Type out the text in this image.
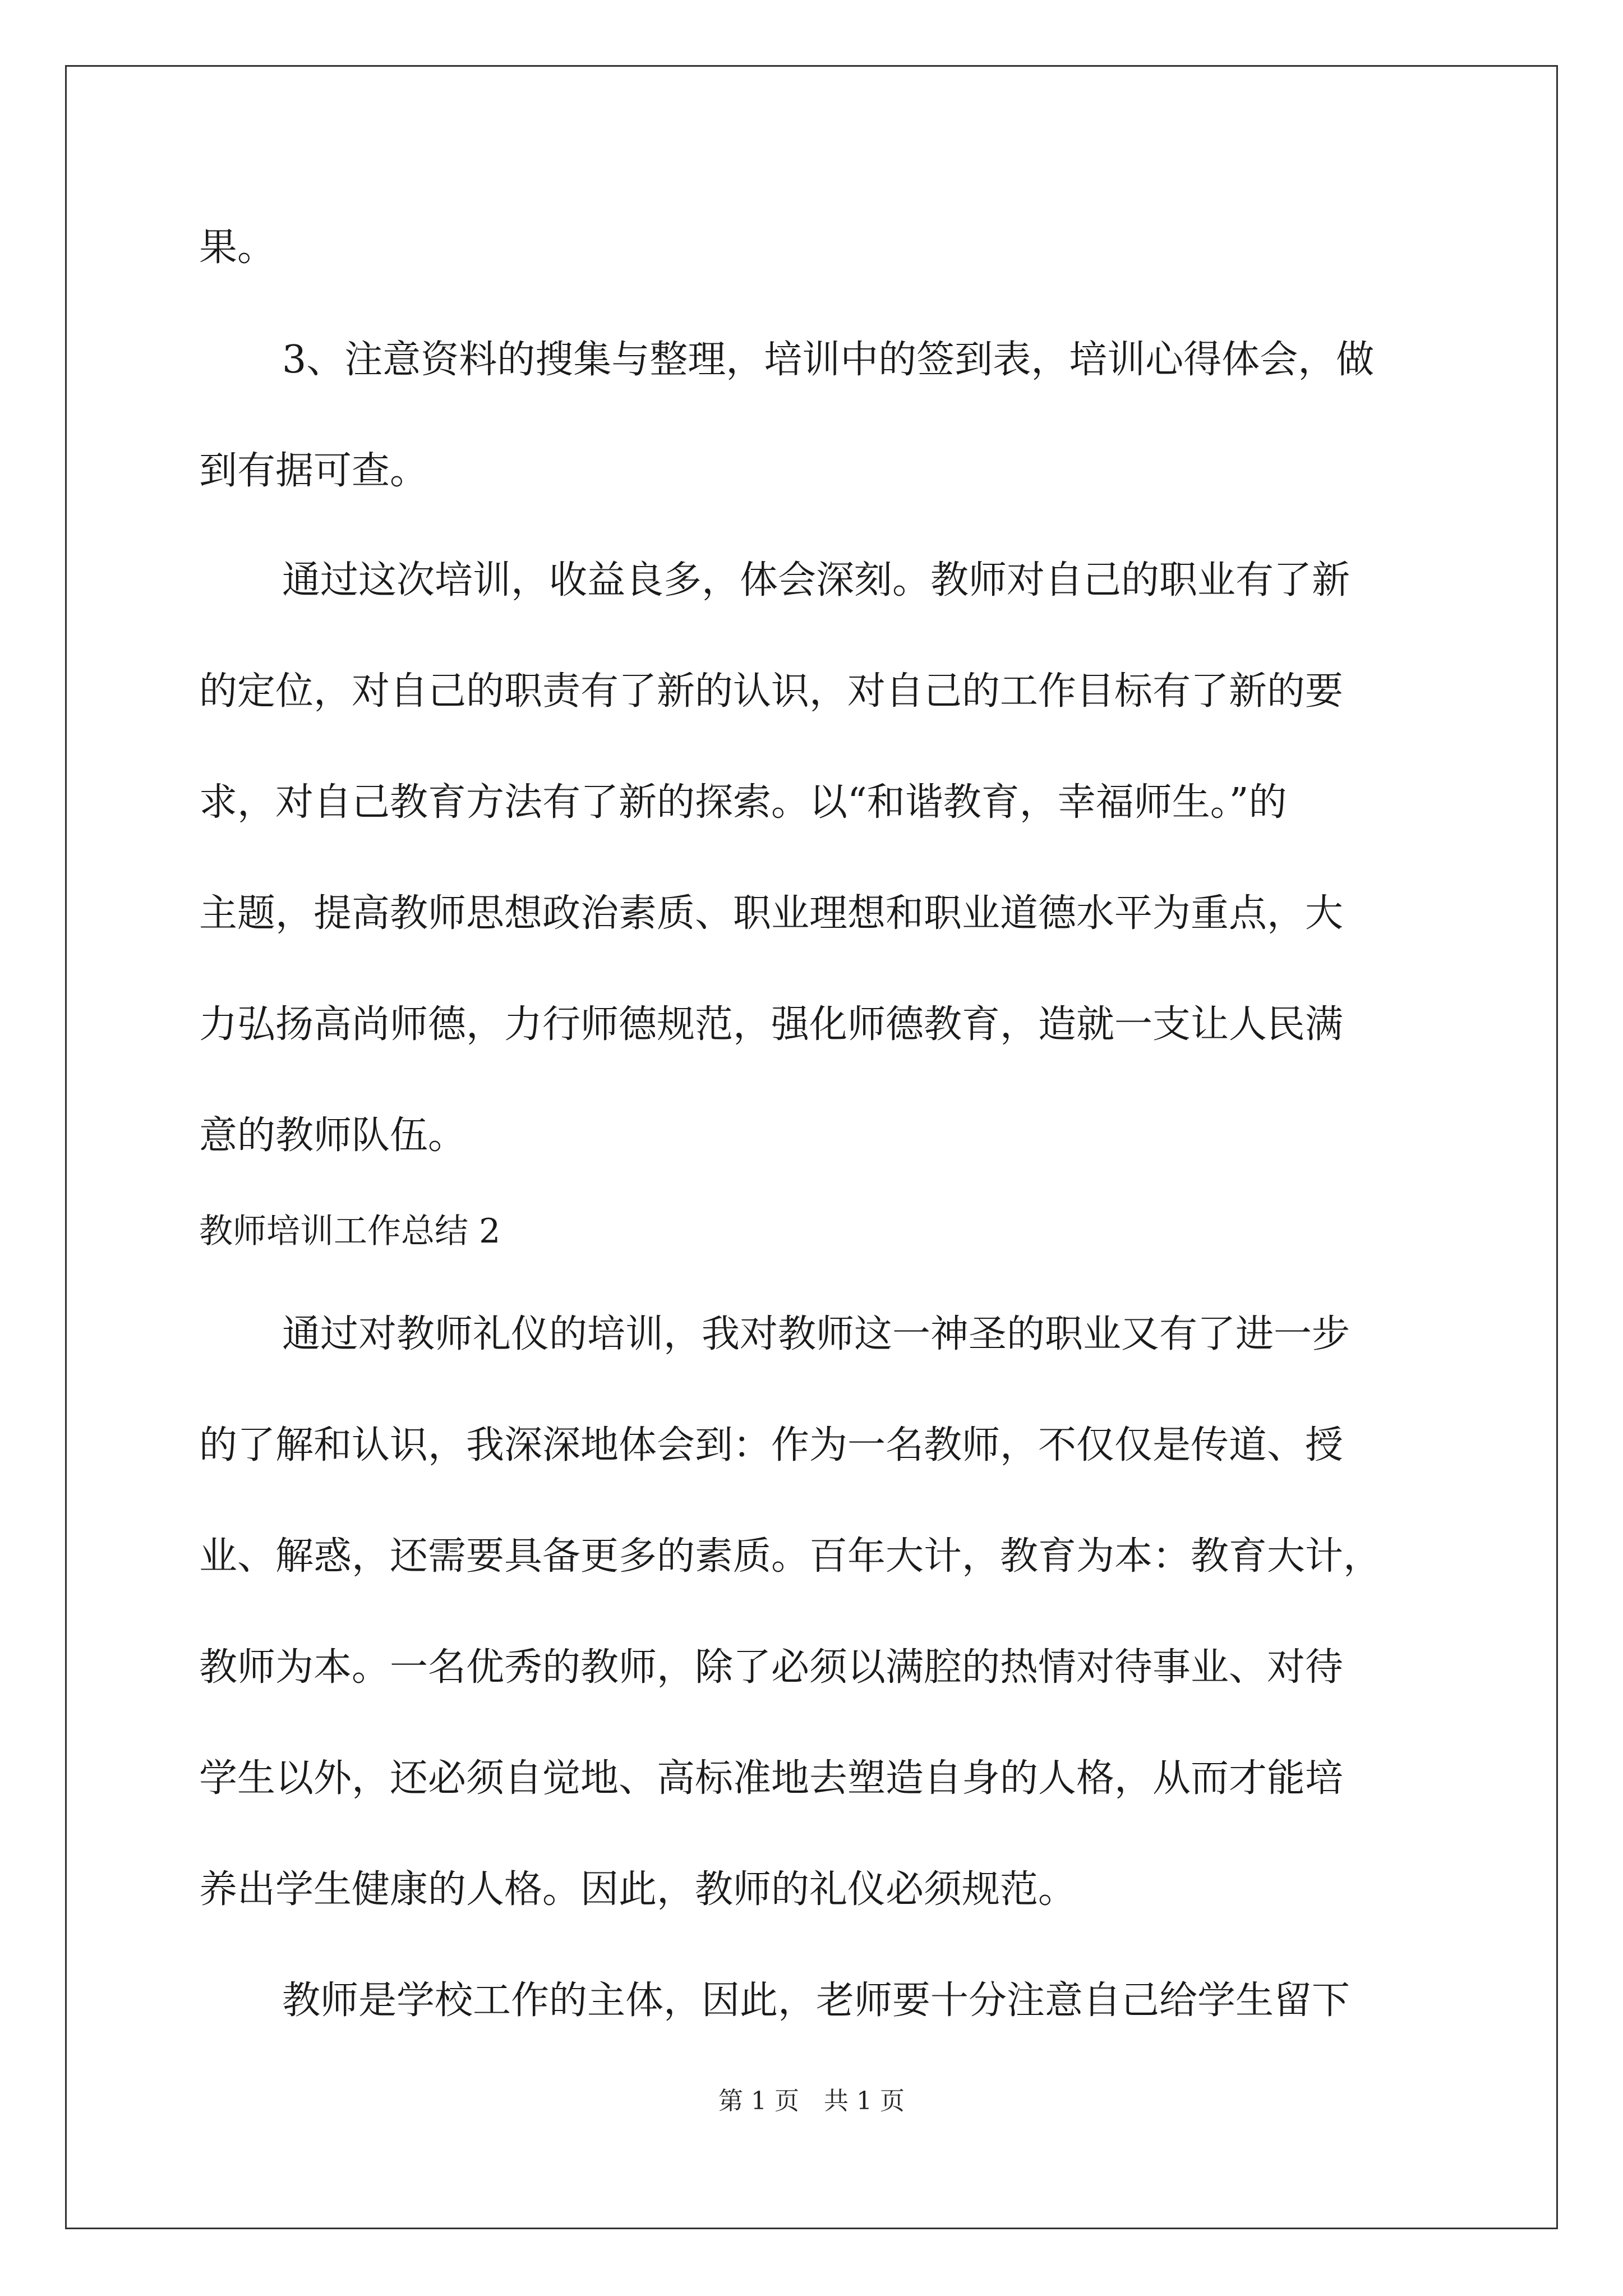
果。
3、注意资料的搜集与整理，培训中的签到表，培训心得体会，做
到有据可查。
通过这次培训，收益良多，体会深刻。教师对自己的职业有了新
的定位，对自己的职责有了新的认识，对自己的工作目标有了新的要
求，对自己教育方法有了新的探索。以“和谐教育，幸福师生。”的
主题，提高教师思想政治素质、职业理想和职业道德水平为重点，大
力弘扬高尚师德，力行师德规范，强化师德教育，造就一支让人民满
意的教师队伍。
教师培训工作总结 2
通过对教师礼仪的培训，我对教师这一神圣的职业又有了进一步
的了解和认识，我深深地体会到：作为一名教师，不仅仅是传道、授
业、解惑，还需要具备更多的素质。百年大计，教育为本：教育大计，
教师为本。一名优秀的教师，除了必须以满腔的热情对待事业、对待
学生以外，还必须自觉地、高标准地去塑造自身的人格，从而才能培
养出学生健康的人格。因此，教师的礼仪必须规范。
教师是学校工作的主体，因此，老师要十分注意自己给学生留下
第 1 页　共 1 页
